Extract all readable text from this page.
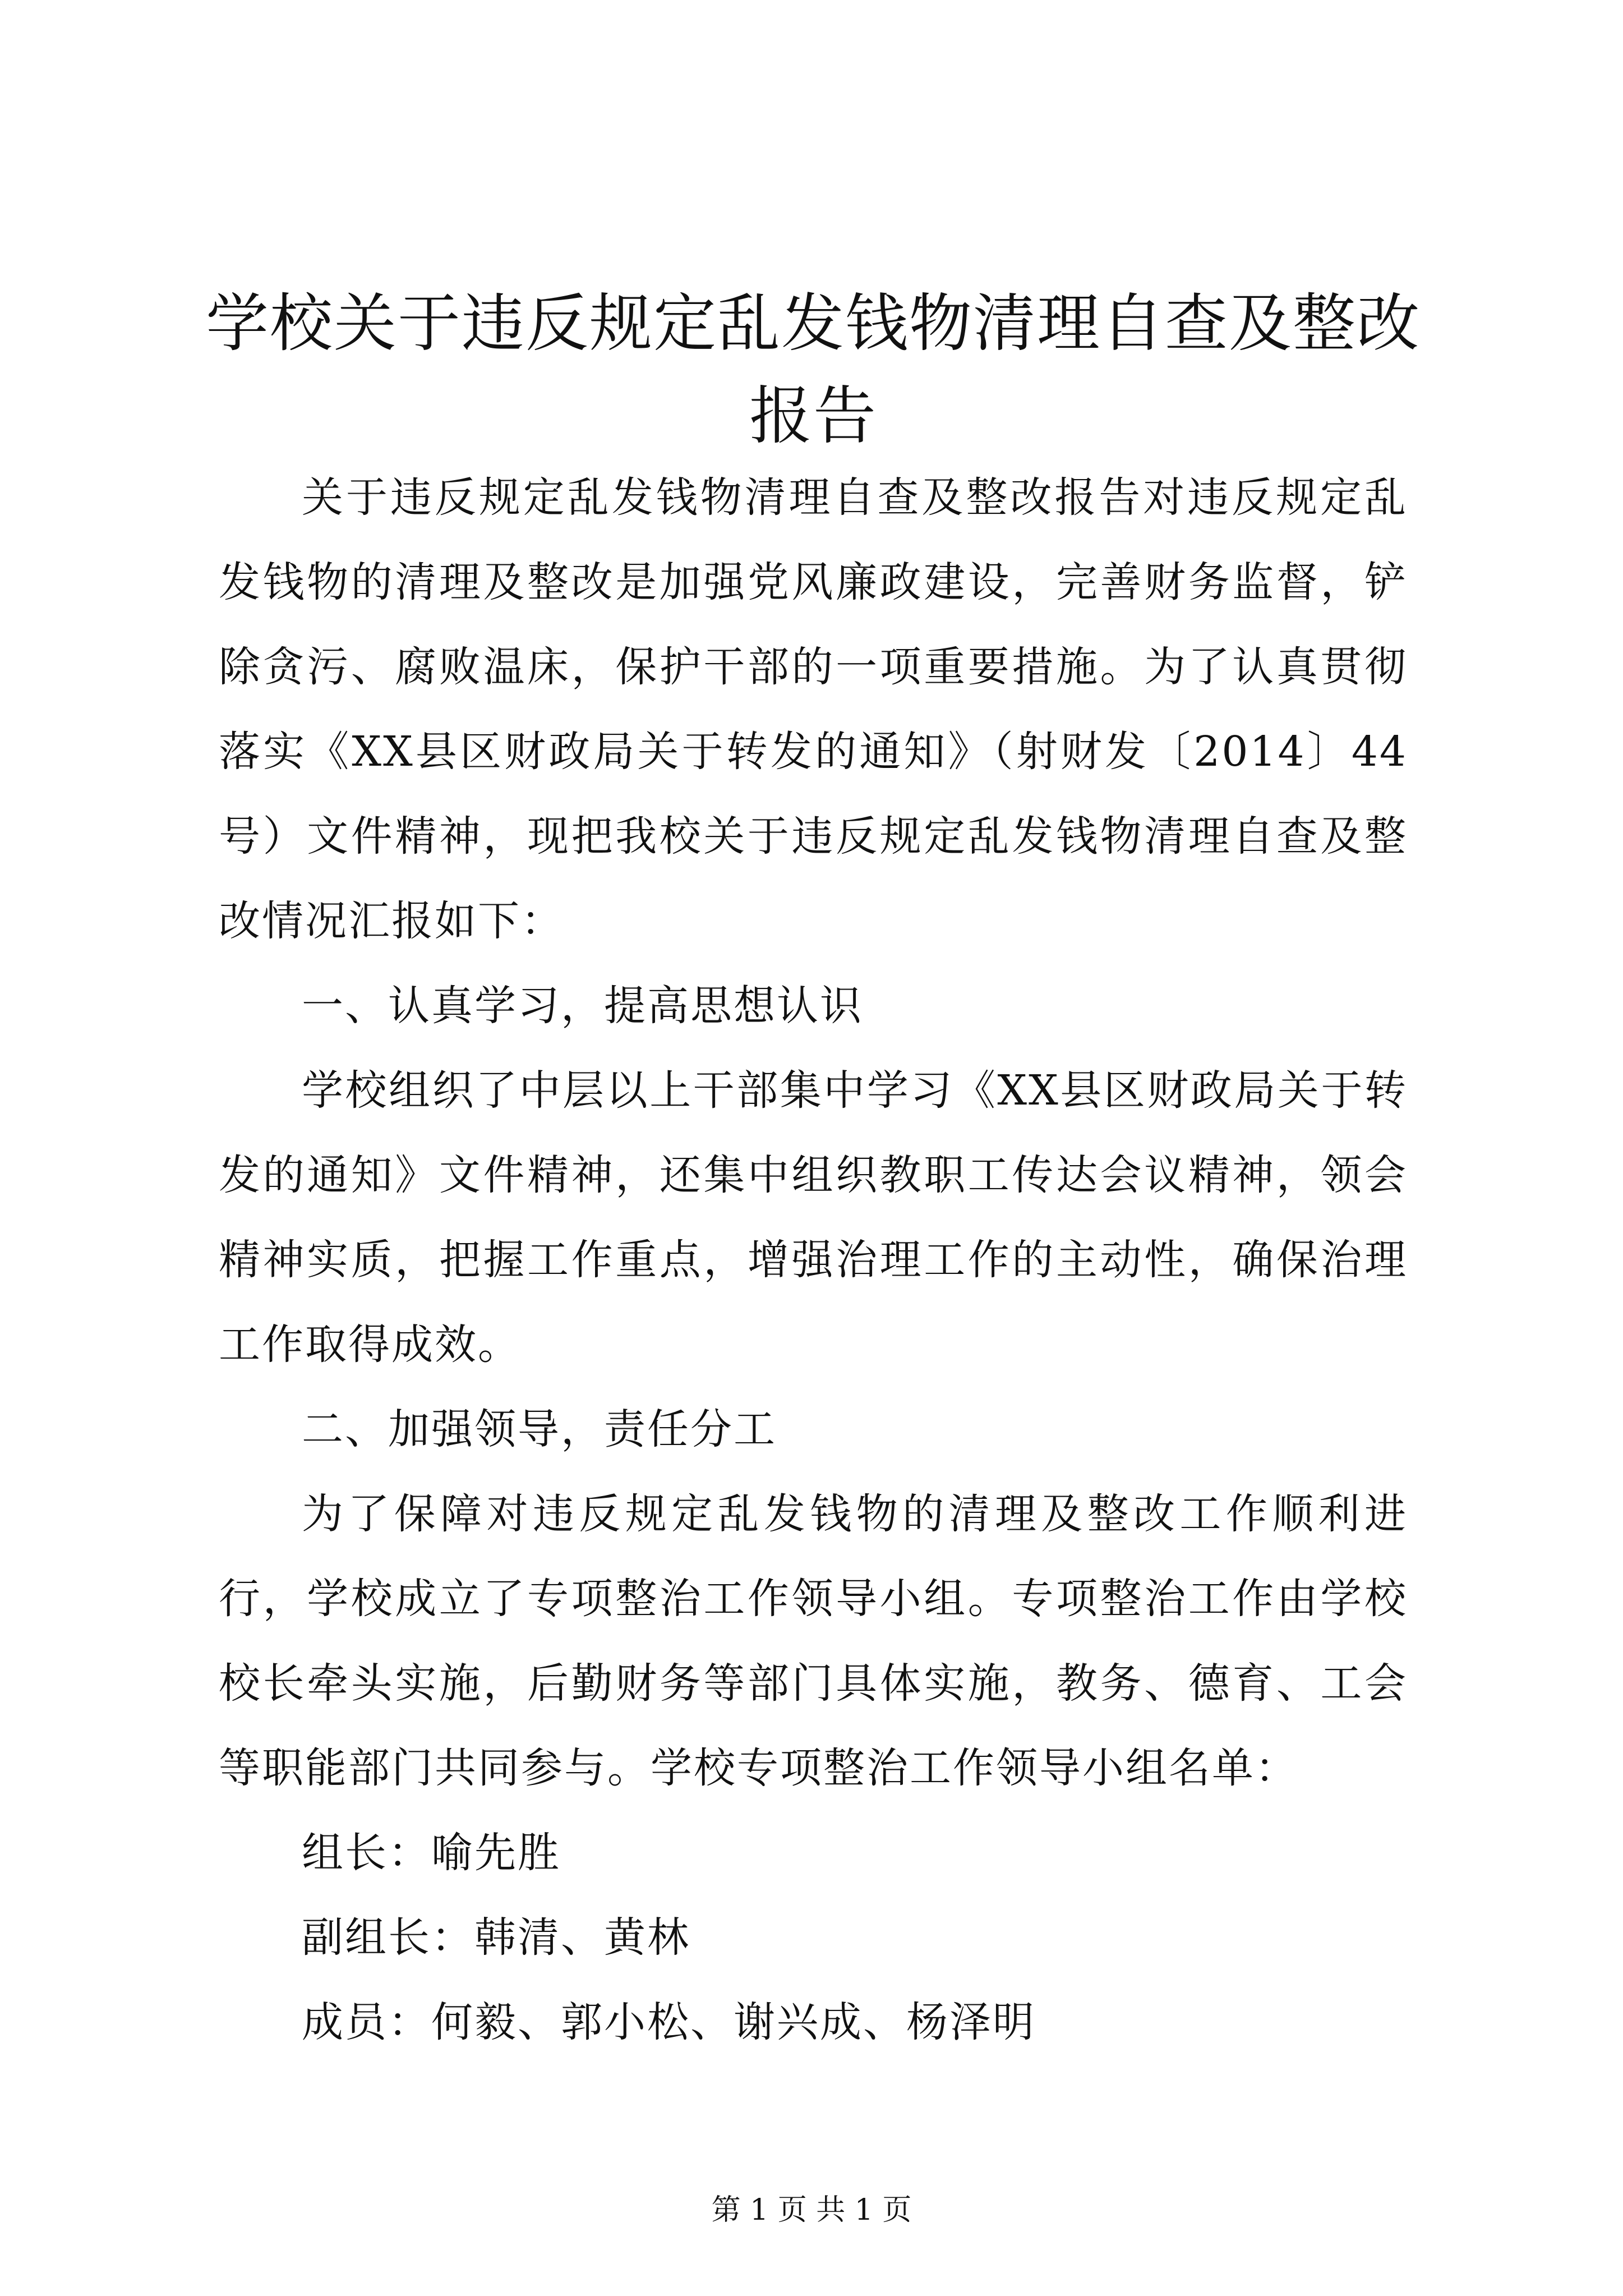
学校关于违反规定乱发钱物清理自查及整改报告

关于违反规定乱发钱物清理自查及整改报告对违反规定乱发钱物的清理及整改是加强党风廉政建设，完善财务监督，铲除贪污、腐败温床，保护干部的一项重要措施。为了认真贯彻落实《XX县区财政局关于转发的通知》（射财发〔2014〕44号）文件精神，现把我校关于违反规定乱发钱物清理自查及整改情况汇报如下：

一、认真学习，提高思想认识

学校组织了中层以上干部集中学习《XX县区财政局关于转发的通知》文件精神，还集中组织教职工传达会议精神，领会精神实质，把握工作重点，增强治理工作的主动性，确保治理工作取得成效。

二、加强领导，责任分工

为了保障对违反规定乱发钱物的清理及整改工作顺利进行，学校成立了专项整治工作领导小组。专项整治工作由学校校长牵头实施，后勤财务等部门具体实施，教务、德育、工会等职能部门共同参与。学校专项整治工作领导小组名单：

组长：喻先胜

副组长：韩清、黄林

成员：何毅、郭小松、谢兴成、杨泽明

第 1 页 共 1 页
